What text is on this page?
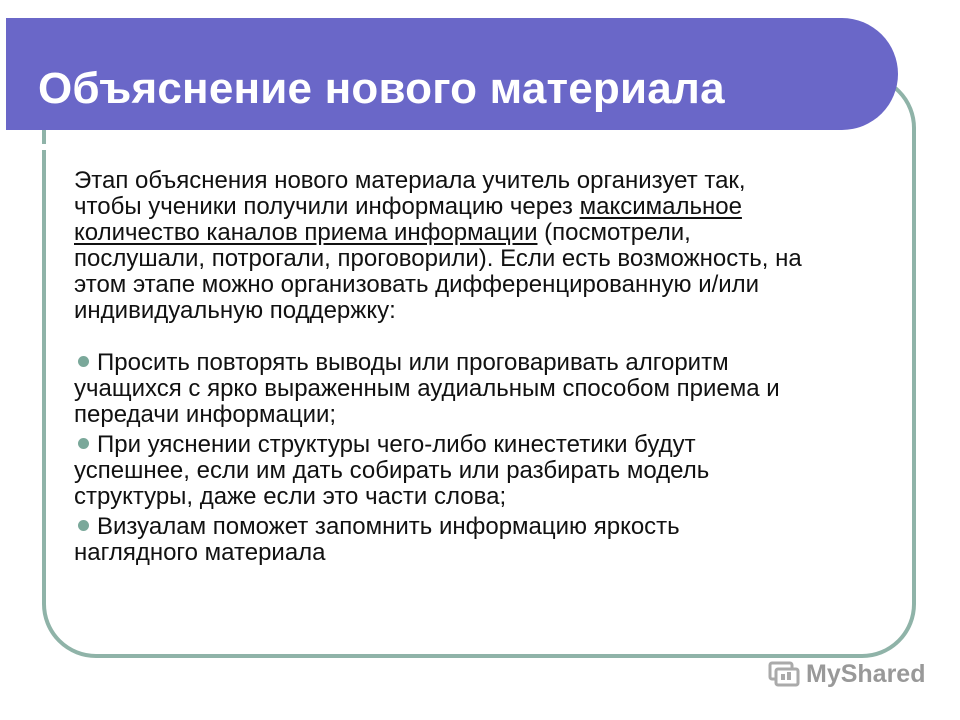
Объяснение нового материала
Этап объяснения нового материала учитель организует так,
чтобы ученики получили информацию через максимальное
количество каналов приема информации (посмотрели,
послушали, потрогали, проговорили). Если есть возможность, на
этом этапе можно организовать дифференцированную и/или
индивидуальную поддержку:
Просить повторять выводы или проговаривать алгоритм
учащихся с ярко выраженным аудиальным способом приема и
передачи информации;
При уяснении структуры чего-либо кинестетики будут
успешнее, если им дать собирать или разбирать модель
структуры, даже если это части слова;
Визуалам поможет запомнить информацию яркость
наглядного материала
MyShared
